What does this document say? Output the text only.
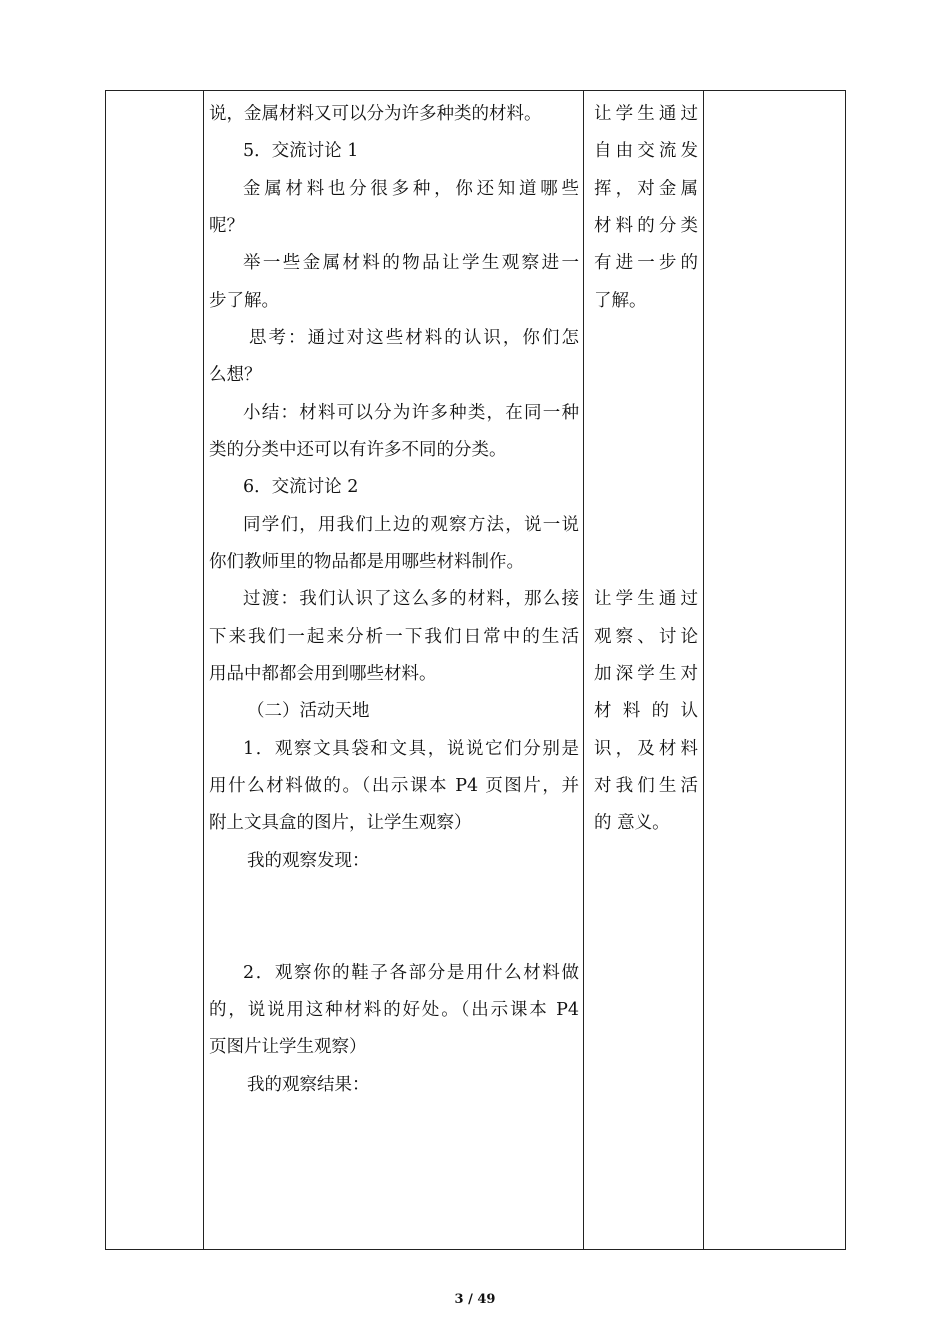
说，金属材料又可以分为许多种类的材料。
5．交流讨论 1
金属材料也分很多种，你还知道哪些
呢？
举一些金属材料的物品让学生观察进一
步了解。
思考：通过对这些材料的认识，你们怎
么想？
小结：材料可以分为许多种类，在同一种
类的分类中还可以有许多不同的分类。
6．交流讨论 2
同学们，用我们上边的观察方法，说一说
你们教师里的物品都是用哪些材料制作。
过渡：我们认识了这么多的材料，那么接
下来我们一起来分析一下我们日常中的生活
用品中都都会用到哪些材料。
（二）活动天地
1．观察文具袋和文具，说说它们分别是
用什么材料做的。（出示课本 P4 页图片，并
附上文具盒的图片，让学生观察）
我的观察发现：
2．观察你的鞋子各部分是用什么材料做
的，说说用这种材料的好处。（出示课本 P4
页图片让学生观察）
我的观察结果：
让学生通过
自由交流发
挥，对金属
材料的分类
有进一步的
了解。
让学生通过
观察、讨论
加深学生对
材 料 的 认
识，及材料
对我们生活
的 意义。
3 / 49
